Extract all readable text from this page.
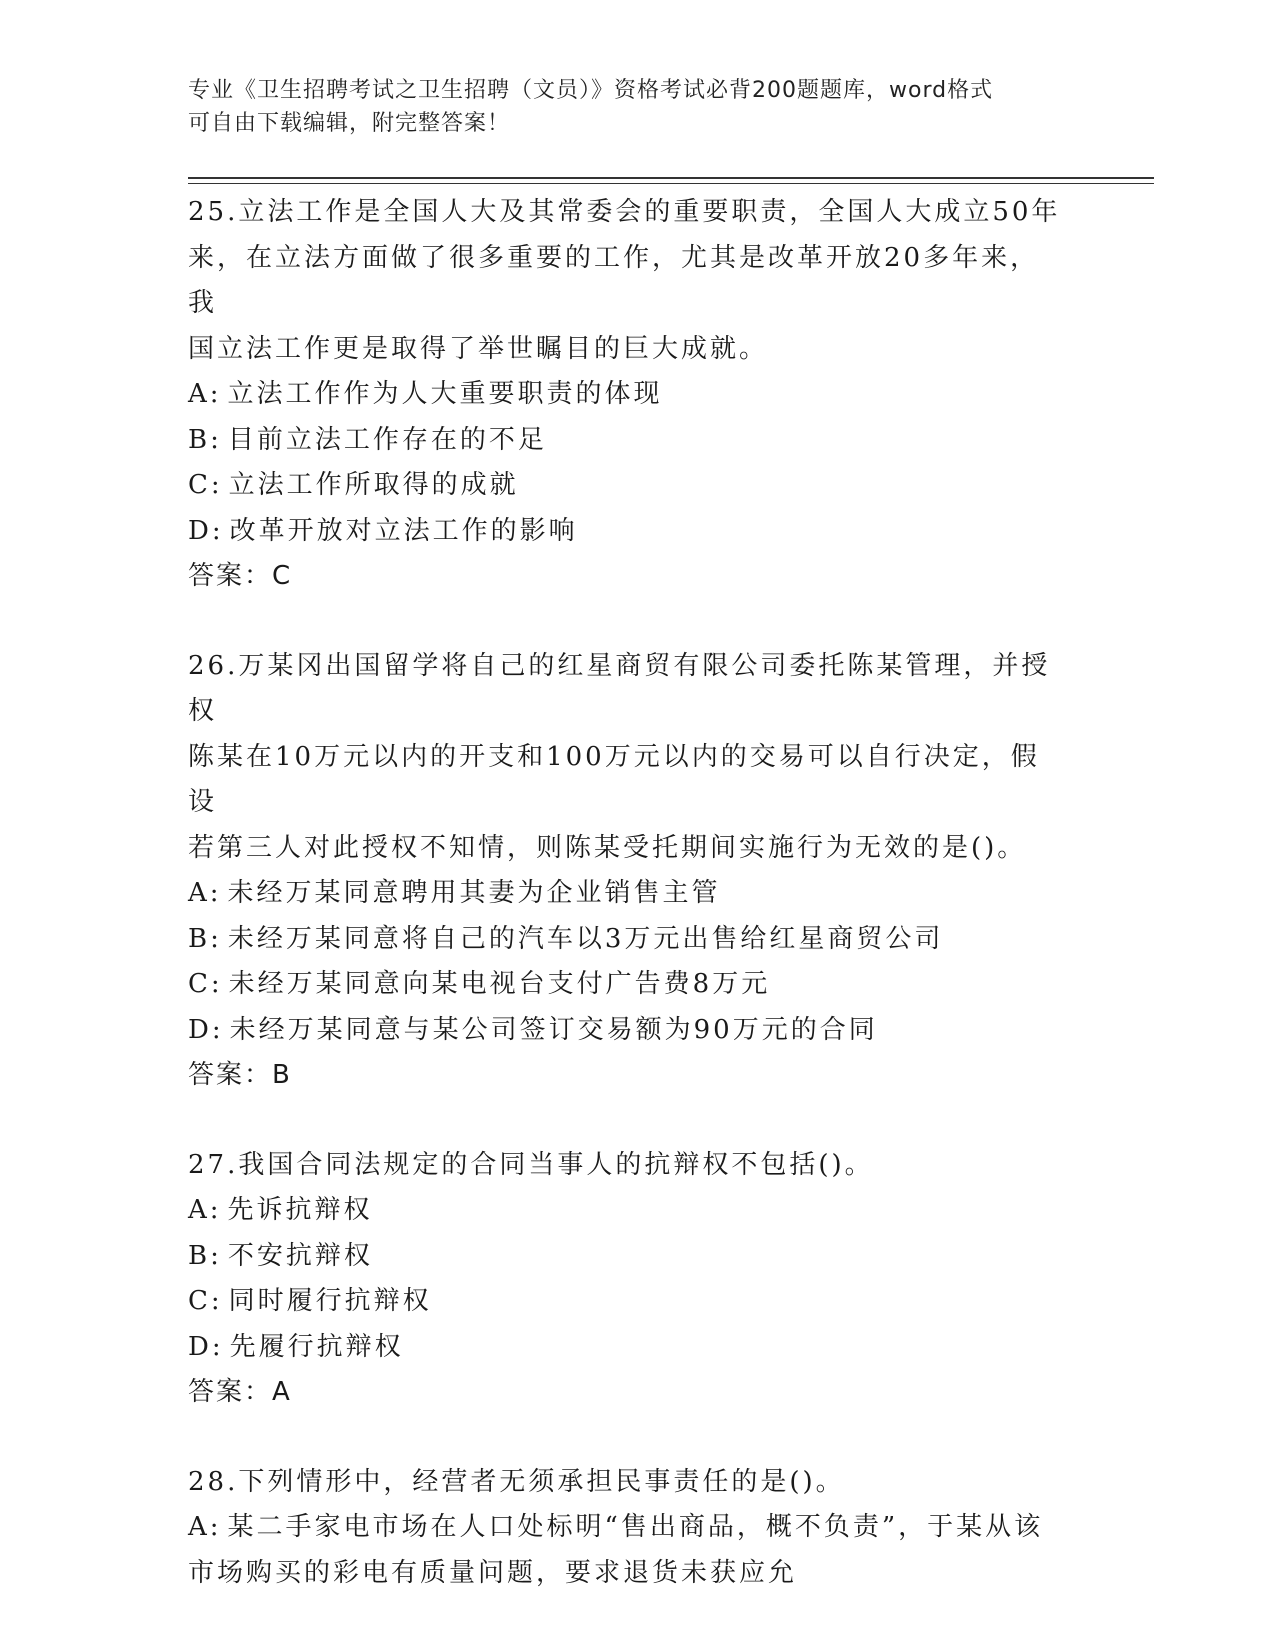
专业《卫生招聘考试之卫生招聘（文员）》资格考试必背200题题库，word格式
可自由下载编辑，附完整答案！

25.立法工作是全国人大及其常委会的重要职责，全国人大成立50年

来，在立法方面做了很多重要的工作，尤其是改革开放20多年来，我

国立法工作更是取得了举世瞩目的巨大成就。

A: 立法工作作为人大重要职责的体现

B: 目前立法工作存在的不足

C: 立法工作所取得的成就

D: 改革开放对立法工作的影响

答案：C

26.万某冈出国留学将自己的红星商贸有限公司委托陈某管理，并授权

陈某在10万元以内的开支和100万元以内的交易可以自行决定，假设

若第三人对此授权不知情，则陈某受托期间实施行为无效的是()。

A: 未经万某同意聘用其妻为企业销售主管

B: 未经万某同意将自己的汽车以3万元出售给红星商贸公司

C: 未经万某同意向某电视台支付广告费8万元

D: 未经万某同意与某公司签订交易额为90万元的合同

答案：B

27.我国合同法规定的合同当事人的抗辩权不包括()。

A: 先诉抗辩权

B: 不安抗辩权

C: 同时履行抗辩权

D: 先履行抗辩权

答案：A

28.下列情形中，经营者无须承担民事责任的是()。

A: 某二手家电市场在人口处标明“售出商品，概不负责”，于某从该

市场购买的彩电有质量问题，要求退货未获应允
